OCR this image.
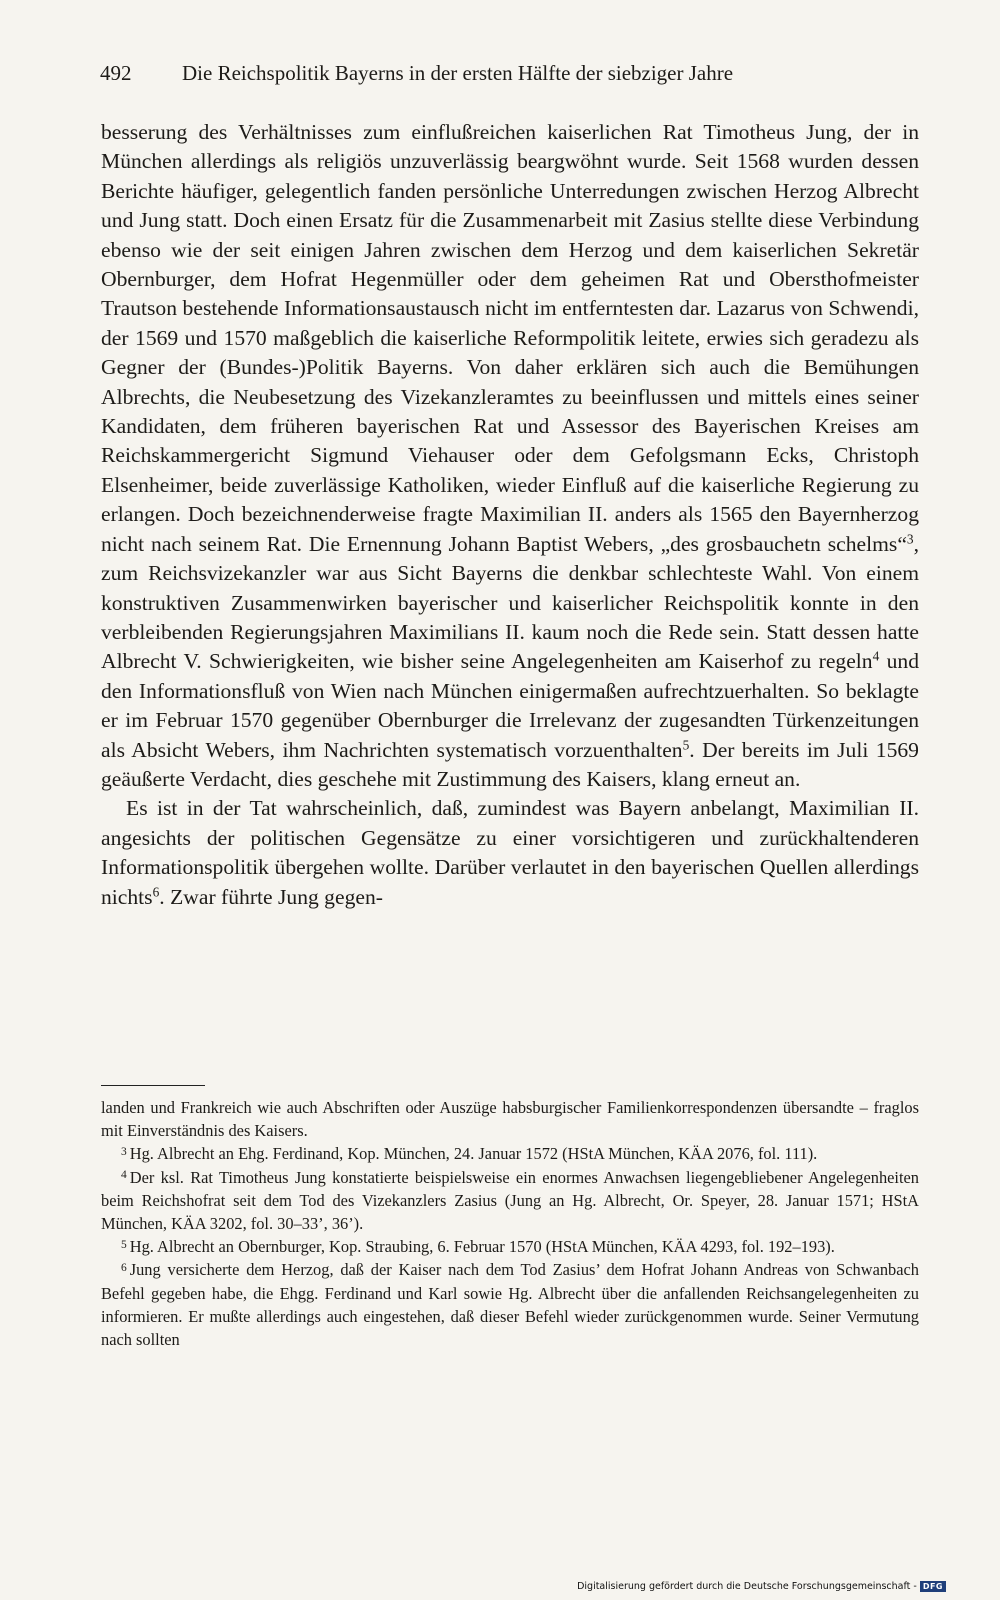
492 Die Reichspolitik Bayerns in der ersten Hälfte der siebziger Jahre

besserung des Verhältnisses zum einflußreichen kaiserlichen Rat Timotheus Jung, der in München allerdings als religiös unzuverlässig beargwöhnt wurde. Seit 1568 wurden dessen Berichte häufiger, gelegentlich fanden persönliche Unterredungen zwischen Herzog Albrecht und Jung statt. Doch einen Ersatz für die Zusammenarbeit mit Zasius stellte diese Verbindung ebenso wie der seit einigen Jahren zwischen dem Herzog und dem kaiserlichen Sekretär Obernburger, dem Hofrat Hegenmüller oder dem geheimen Rat und Obersthofmeister Trautson bestehende Informationsaustausch nicht im entferntesten dar. Lazarus von Schwendi, der 1569 und 1570 maßgeblich die kaiserliche Reformpolitik leitete, erwies sich geradezu als Gegner der (Bundes-)Politik Bayerns. Von daher erklären sich auch die Bemühungen Albrechts, die Neubesetzung des Vizekanzleramtes zu beeinflussen und mittels eines seiner Kandidaten, dem früheren bayerischen Rat und Assessor des Bayerischen Kreises am Reichskammergericht Sigmund Viehauser oder dem Gefolgsmann Ecks, Christoph Elsenheimer, beide zuverlässige Katholiken, wieder Einfluß auf die kaiserliche Regierung zu erlangen. Doch bezeichnenderweise fragte Maximilian II. anders als 1565 den Bayernherzog nicht nach seinem Rat. Die Ernennung Johann Baptist Webers, „des grosbauchetn schelms“$^3$, zum Reichsvizekanzler war aus Sicht Bayerns die denkbar schlechteste Wahl. Von einem konstruktiven Zusammenwirken bayerischer und kaiserlicher Reichspolitik konnte in den verbleibenden Regierungsjahren Maximilians II. kaum noch die Rede sein. Statt dessen hatte Albrecht V. Schwierigkeiten, wie bisher seine Angelegenheiten am Kaiserhof zu regeln$^4$ und den Informationsfluß von Wien nach München einigermaßen aufrechtzuerhalten. So beklagte er im Februar 1570 gegenüber Obernburger die Irrelevanz der zugesandten Türkenzeitungen als Absicht Webers, ihm Nachrichten systematisch vorzuenthalten$^5$. Der bereits im Juli 1569 geäußerte Verdacht, dies geschehe mit Zustimmung des Kaisers, klang erneut an.

Es ist in der Tat wahrscheinlich, daß, zumindest was Bayern anbelangt, Maximilian II. angesichts der politischen Gegensätze zu einer vorsichtigeren und zurückhaltenderen Informationspolitik übergehen wollte. Darüber verlautet in den bayerischen Quellen allerdings nichts$^6$. Zwar führte Jung gegen-

landen und Frankreich wie auch Abschriften oder Auszüge habsburgischer Familienkorrespondenzen übersandte – fraglos mit Einverständnis des Kaisers.

$^3$ Hg. Albrecht an Ehg. Ferdinand, Kop. München, 24. Januar 1572 (HStA München, KÄA 2076, fol. 111).

$^4$ Der ksl. Rat Timotheus Jung konstatierte beispielsweise ein enormes Anwachsen liegengebliebener Angelegenheiten beim Reichshofrat seit dem Tod des Vizekanzlers Zasius (Jung an Hg. Albrecht, Or. Speyer, 28. Januar 1571; HStA München, KÄA 3202, fol. 30–33’, 36’).

$^5$ Hg. Albrecht an Obernburger, Kop. Straubing, 6. Februar 1570 (HStA München, KÄA 4293, fol. 192–193).

$^6$ Jung versicherte dem Herzog, daß der Kaiser nach dem Tod Zasius’ dem Hofrat Johann Andreas von Schwanbach Befehl gegeben habe, die Ehgg. Ferdinand und Karl sowie Hg. Albrecht über die anfallenden Reichsangelegenheiten zu informieren. Er mußte allerdings auch eingestehen, daß dieser Befehl wieder zurückgenommen wurde. Seiner Vermutung nach sollten

Digitalisierung gefördert durch die Deutsche Forschungsgemeinschaft - DFG
